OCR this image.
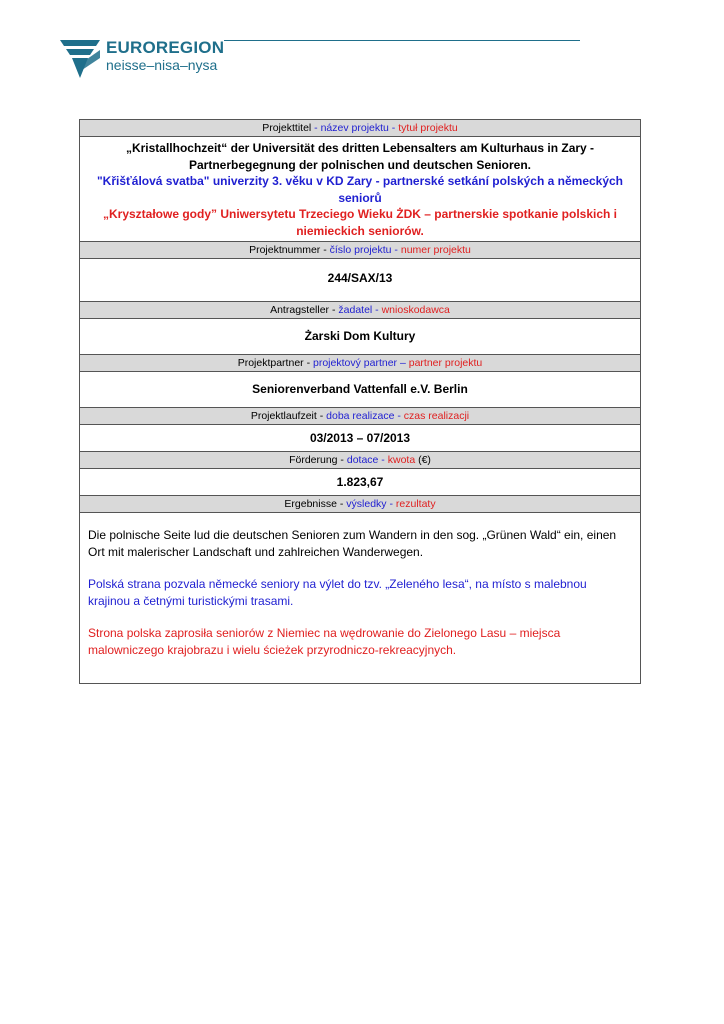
EUROREGION
neisse–nisa–nysa
Projekttitel - název projektu - tytuł projektu
„Kristallhochzeit“ der Universität des dritten Lebensalters am Kulturhaus in Zary - Partnerbegegnung der polnischen und deutschen Senioren.
"Křišťálová svatba" univerzity 3. věku v KD Zary - partnerské setkání polských a německých seniorů
„Kryształowe gody” Uniwersytetu Trzeciego Wieku ŻDK – partnerskie spotkanie polskich i niemieckich seniorów.
Projektnummer - číslo projektu - numer projektu
244/SAX/13
Antragsteller - žadatel - wnioskodawca
Żarski Dom Kultury
Projektpartner - projektový partner – partner projektu
Seniorenverband Vattenfall e.V. Berlin
Projektlaufzeit - doba realizace - czas realizacji
03/2013 – 07/2013
Förderung - dotace - kwota (€)
1.823,67
Ergebnisse - výsledky - rezultaty

Die polnische Seite lud die deutschen Senioren zum Wandern in den sog. „Grünen Wald“ ein, einen Ort mit malerischer Landschaft und zahlreichen Wanderwegen.

Polská strana pozvala německé seniory na výlet do tzv. „Zeleného lesa“, na místo s malebnou krajinou a četnými turistickými trasami.

Strona polska zaprosiła seniorów z Niemiec na wędrowanie do Zielonego Lasu – miejsca malowniczego krajobrazu i wielu ścieżek przyrodniczo-rekreacyjnych.
